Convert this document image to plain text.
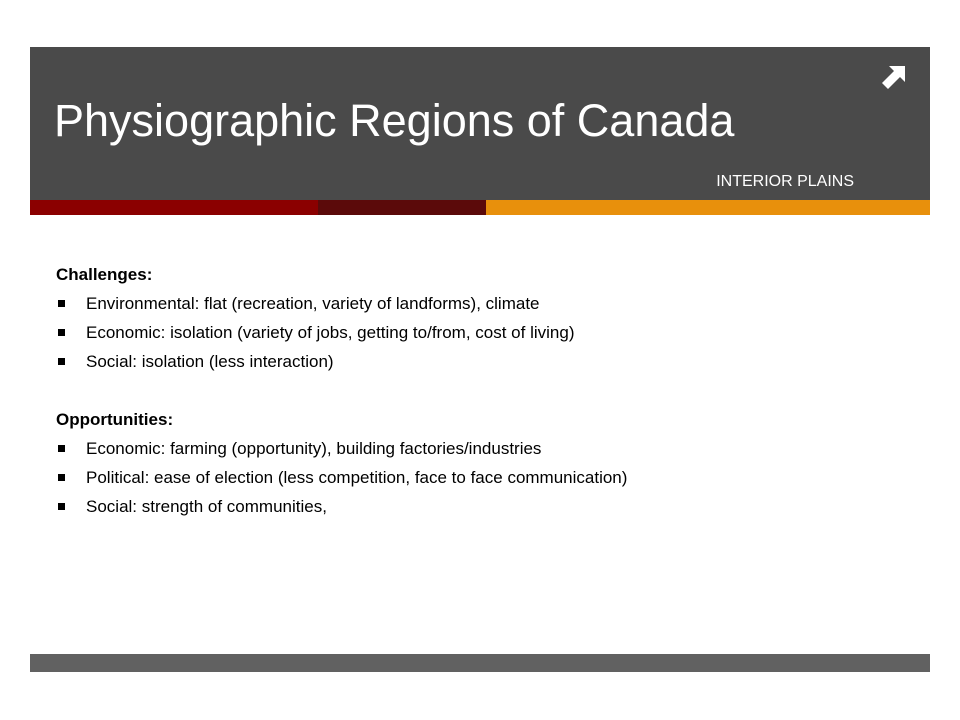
Physiographic Regions of Canada
INTERIOR PLAINS

Challenges:

Environmental: flat (recreation, variety of landforms), climate
Economic: isolation (variety of jobs, getting to/from, cost of living)
Social: isolation (less interaction)

Opportunities:

Economic: farming (opportunity), building factories/industries
Political: ease of election (less competition, face to face communication)
Social: strength of communities,
